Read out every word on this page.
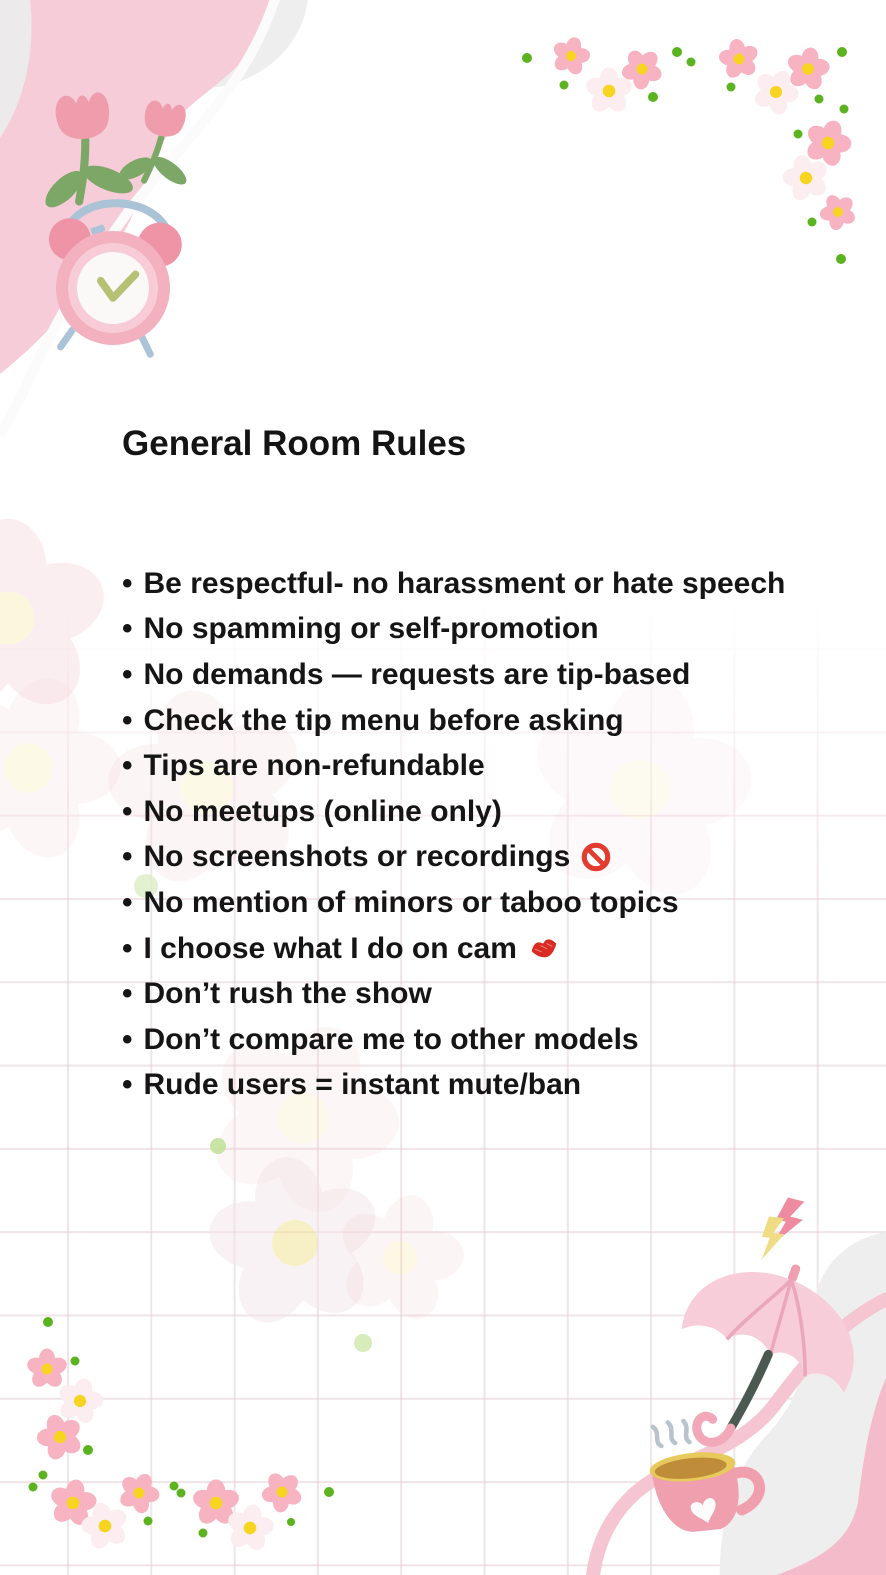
General Room Rules
• Be respectful- no harassment or hate speech
• No spamming or self-promotion
• No demands — requests are tip-based
• Check the tip menu before asking
• Tips are non-refundable
• No meetups (online only)
• No screenshots or recordings
• No mention of minors or taboo topics
• I choose what I do on cam
• Don’t rush the show
• Don’t compare me to other models
• Rude users = instant mute/ban
